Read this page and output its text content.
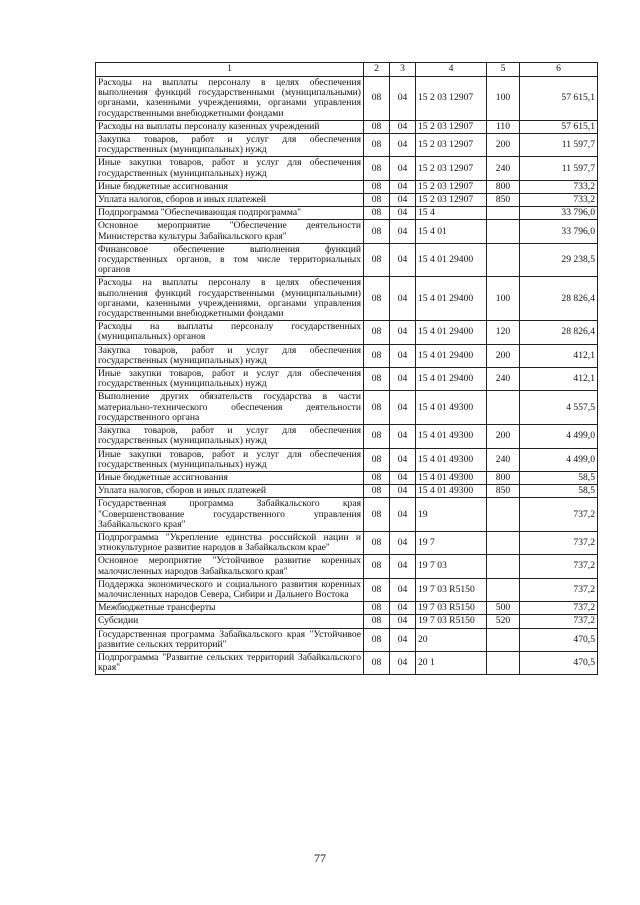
1	2	3	4	5	6
Расходы на выплаты персоналу в целях обеспечения выполнения функций государственными (муниципальными) органами, казенными учреждениями, органами управления государственными внебюджетными фондами	08	04	15 2 03 12907	100	57 615,1
Расходы на выплаты персоналу казенных учреждений	08	04	15 2 03 12907	110	57 615,1
Закупка товаров, работ и услуг для обеспечения государственных (муниципальных) нужд	08	04	15 2 03 12907	200	11 597,7
Иные закупки товаров, работ и услуг для обеспечения государственных (муниципальных) нужд	08	04	15 2 03 12907	240	11 597,7
Иные бюджетные ассигнования	08	04	15 2 03 12907	800	733,2
Уплата налогов, сборов и иных платежей	08	04	15 2 03 12907	850	733,2
Подпрограмма "Обеспечивающая подпрограмма"	08	04	15 4		33 796,0
Основное мероприятие "Обеспечение деятельности Министерства культуры Забайкальского края"	08	04	15 4 01		33 796,0
Финансовое обеспечение выполнения функций государственных органов, в том числе территориальных органов	08	04	15 4 01 29400		29 238,5
Расходы на выплаты персоналу в целях обеспечения выполнения функций государственными (муниципальными) органами, казенными учреждениями, органами управления государственными внебюджетными фондами	08	04	15 4 01 29400	100	28 826,4
Расходы на выплаты персоналу государственных (муниципальных) органов	08	04	15 4 01 29400	120	28 826,4
Закупка товаров, работ и услуг для обеспечения государственных (муниципальных) нужд	08	04	15 4 01 29400	200	412,1
Иные закупки товаров, работ и услуг для обеспечения государственных (муниципальных) нужд	08	04	15 4 01 29400	240	412,1
Выполнение других обязательств государства в части материально-технического обеспечения деятельности государственного органа	08	04	15 4 01 49300		4 557,5
Закупка товаров, работ и услуг для обеспечения государственных (муниципальных) нужд	08	04	15 4 01 49300	200	4 499,0
Иные закупки товаров, работ и услуг для обеспечения государственных (муниципальных) нужд	08	04	15 4 01 49300	240	4 499,0
Иные бюджетные ассигнования	08	04	15 4 01 49300	800	58,5
Уплата налогов, сборов и иных платежей	08	04	15 4 01 49300	850	58,5
Государственная программа Забайкальского края "Совершенствование государственного управления Забайкальского края"	08	04	19		737,2
Подпрограмма "Укрепление единства российской нации и этнокультурное развитие народов в Забайкальском крае"	08	04	19 7		737,2
Основное мероприятие "Устойчивое развитие коренных малочисленных народов Забайкальского края"	08	04	19 7 03		737,2
Поддержка экономического и социального развития коренных малочисленных народов Севера, Сибири и Дальнего Востока	08	04	19 7 03 R5150		737,2
Межбюджетные трансферты	08	04	19 7 03 R5150	500	737,2
Субсидии	08	04	19 7 03 R5150	520	737,2
Государственная программа Забайкальского края "Устойчивое развитие сельских территорий"	08	04	20		470,5
Подпрограмма "Развитие сельских территорий Забайкальского края"	08	04	20 1		470,5
77
